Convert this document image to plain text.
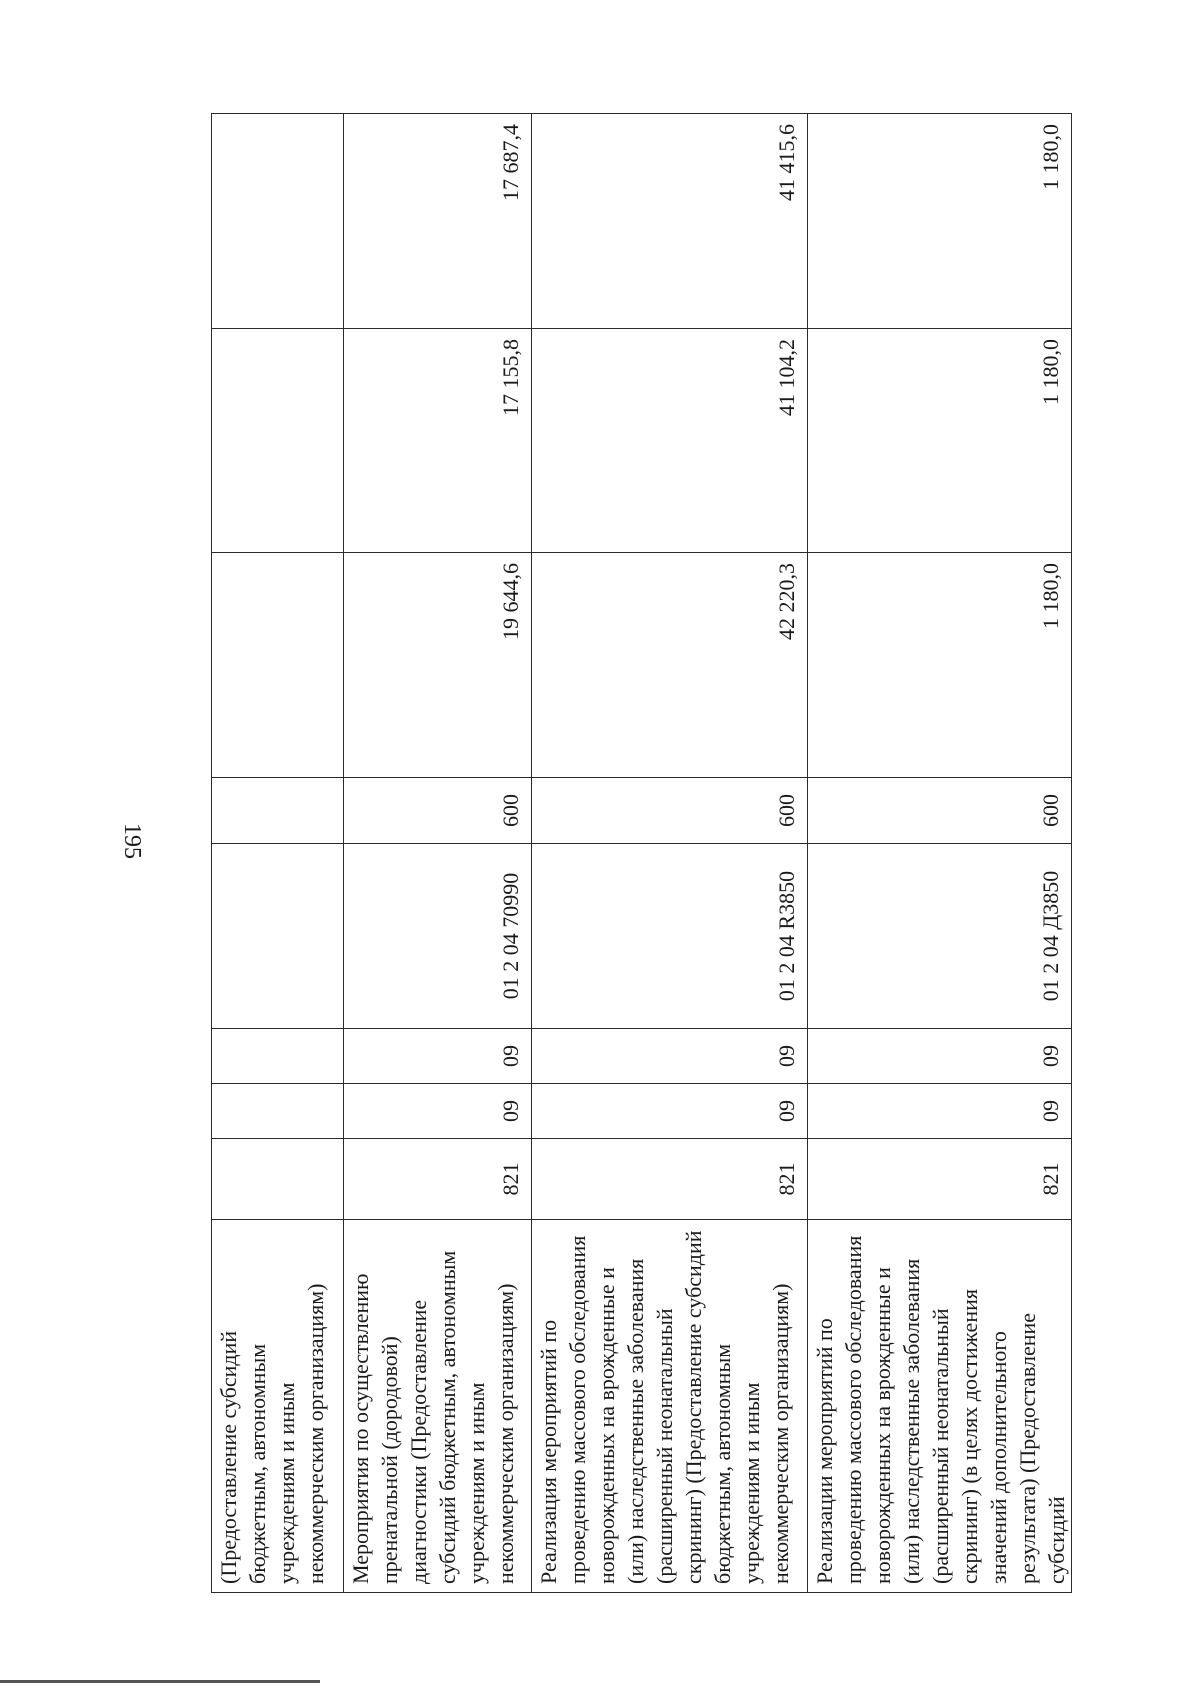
195
(Предоставление субсидий бюджетным, автономным учреждениям и иным некоммерческим организациям)								
Мероприятия по осуществлению пренатальной (дородовой) диагностики (Предоставление субсидий бюджетным, автономным учреждениям и иным некоммерческим организациям)	821	09	09	01 2 04 70990	600	19 644,6	17 155,8	17 687,4
Реализация мероприятий по проведению массового обследования новорожденных на врожденные и (или) наследственные заболевания (расширенный неонатальный скрининг) (Предоставление субсидий бюджетным, автономным учреждениям и иным некоммерческим организациям)	821	09	09	01 2 04 R3850	600	42 220,3	41 104,2	41 415,6
Реализации мероприятий по проведению массового обследования новорожденных на врожденные и (или) наследственные заболевания (расширенный неонатальный скрининг) (в целях достижения значений дополнительного результата) (Предоставление субсидий	821	09	09	01 2 04 Д3850	600	1 180,0	1 180,0	1 180,0
